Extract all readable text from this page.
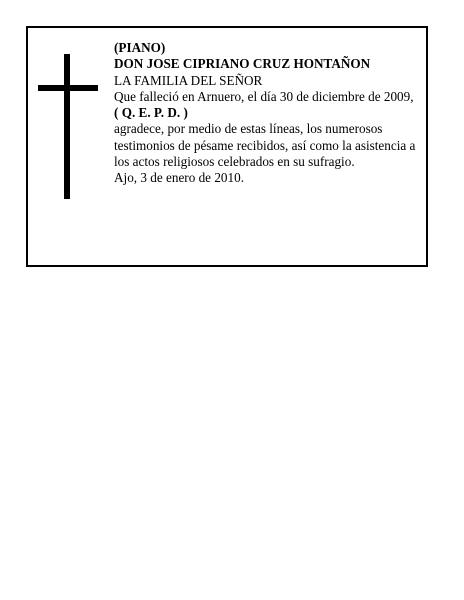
(PIANO)
DON JOSE CIPRIANO CRUZ HONTAÑON
LA FAMILIA DEL SEÑOR
Que falleció en Arnuero, el día 30 de diciembre de 2009,
( Q. E. P. D. )
agradece, por medio de estas líneas, los numerosos testimonios de pésame recibidos, así como la asistencia a los actos religiosos celebrados en su sufragio.
Ajo, 3 de enero de 2010.
